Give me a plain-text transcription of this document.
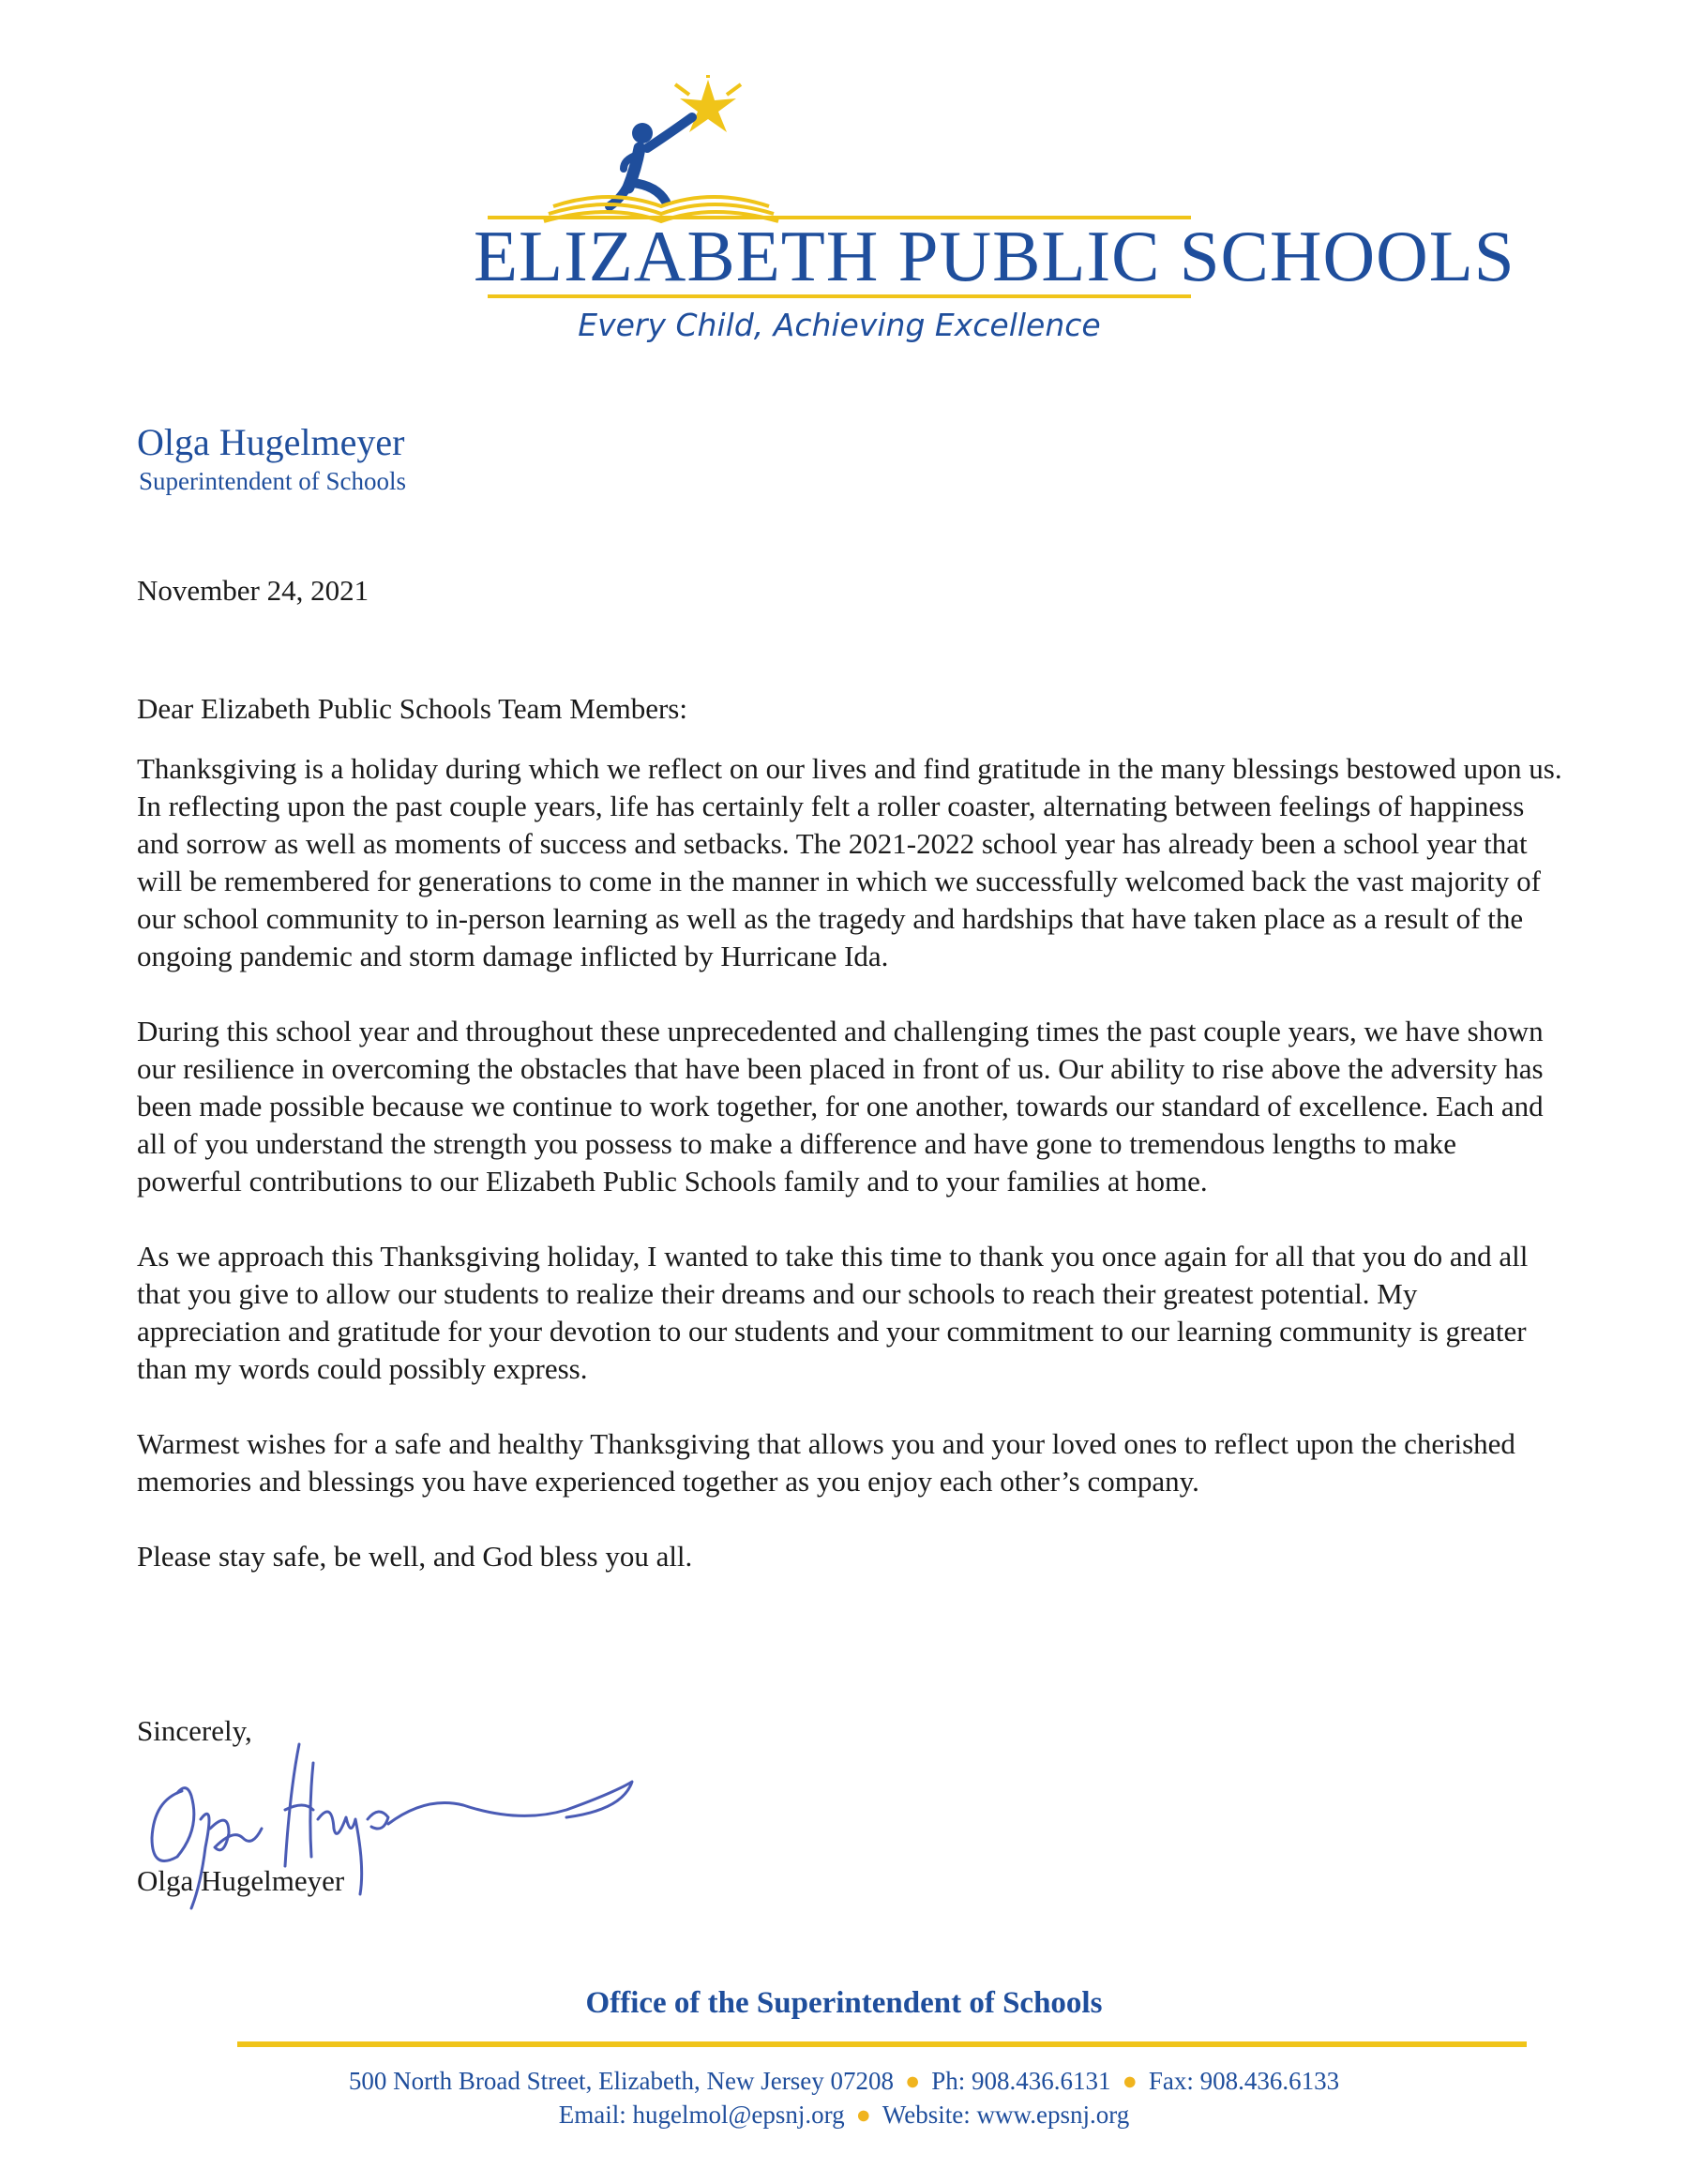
ELIZABETH PUBLIC SCHOOLS
Every Child, Achieving Excellence
Olga Hugelmeyer
Superintendent of Schools
November 24, 2021

Dear Elizabeth Public Schools Team Members:

Thanksgiving is a holiday during which we reflect on our lives and find gratitude in the many blessings bestowed upon us. In reflecting upon the past couple years, life has certainly felt a roller coaster, alternating between feelings of happiness and sorrow as well as moments of success and setbacks. The 2021-2022 school year has already been a school year that will be remembered for generations to come in the manner in which we successfully welcomed back the vast majority of our school community to in-person learning as well as the tragedy and hardships that have taken place as a result of the ongoing pandemic and storm damage inflicted by Hurricane Ida.

During this school year and throughout these unprecedented and challenging times the past couple years, we have shown our resilience in overcoming the obstacles that have been placed in front of us. Our ability to rise above the adversity has been made possible because we continue to work together, for one another, towards our standard of excellence. Each and all of you understand the strength you possess to make a difference and have gone to tremendous lengths to make powerful contributions to our Elizabeth Public Schools family and to your families at home.

As we approach this Thanksgiving holiday, I wanted to take this time to thank you once again for all that you do and all that you give to allow our students to realize their dreams and our schools to reach their greatest potential. My appreciation and gratitude for your devotion to our students and your commitment to our learning community is greater than my words could possibly express.

Warmest wishes for a safe and healthy Thanksgiving that allows you and your loved ones to reflect upon the cherished memories and blessings you have experienced together as you enjoy each other’s company.

Please stay safe, be well, and God bless you all.

Sincerely,
Olga Hugelmeyer
Office of the Superintendent of Schools
500 North Broad Street, Elizabeth, New Jersey 07208 ● Ph: 908.436.6131 ● Fax: 908.436.6133
Email: hugelmol@epsnj.org ● Website: www.epsnj.org
